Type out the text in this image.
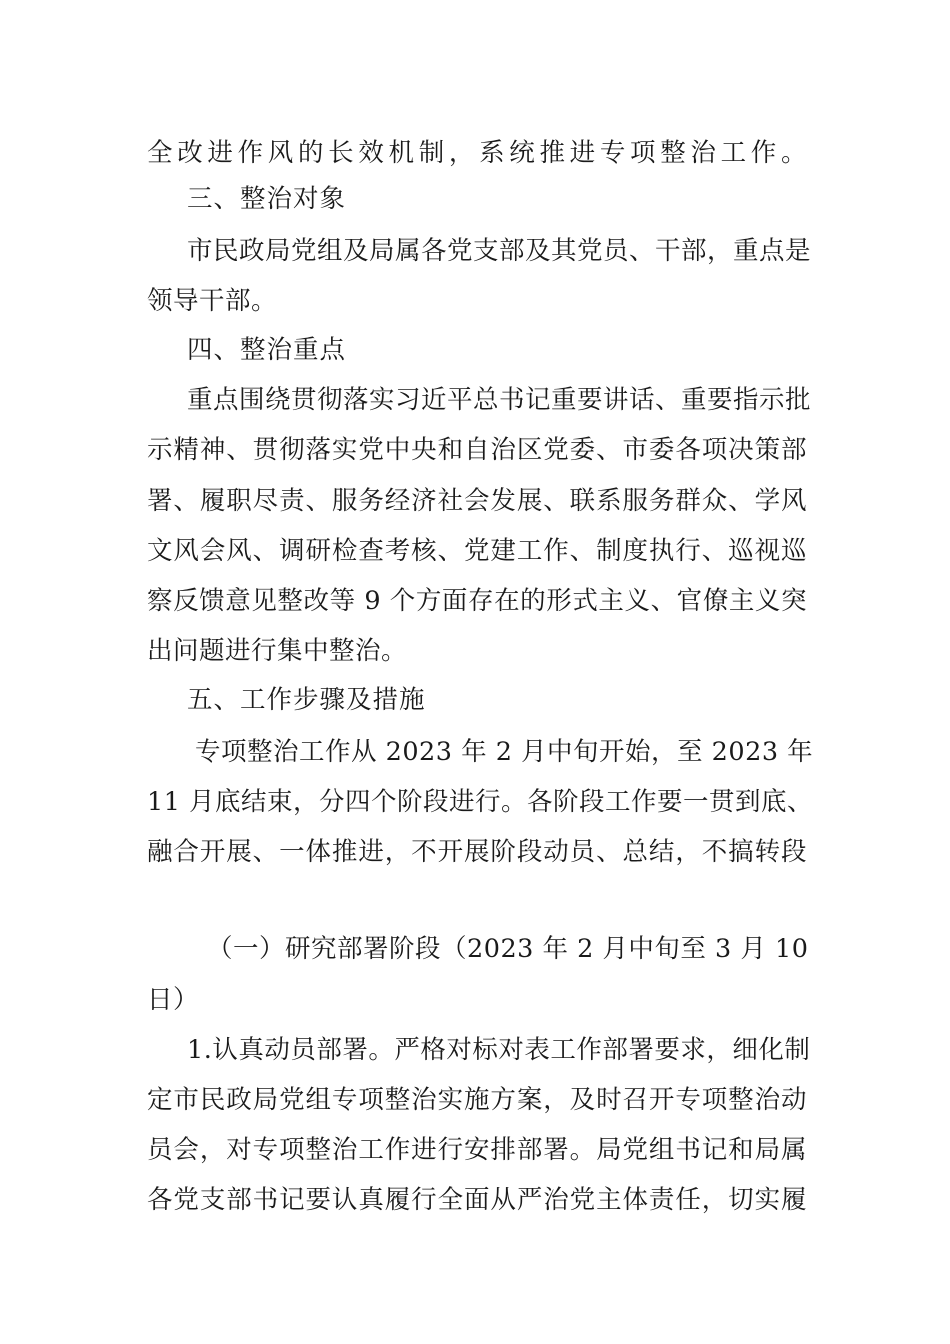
全改进作风的长效机制，系统推进专项整治工作。
三、整治对象
市民政局党组及局属各党支部及其党员、干部，重点是
领导干部。
四、整治重点
重点围绕贯彻落实习近平总书记重要讲话、重要指示批
示精神、贯彻落实党中央和自治区党委、市委各项决策部
署、履职尽责、服务经济社会发展、联系服务群众、学风
文风会风、调研检查考核、党建工作、制度执行、巡视巡
察反馈意见整改等 9 个方面存在的形式主义、官僚主义突
出问题进行集中整治。
五、工作步骤及措施
专项整治工作从 2023 年 2 月中旬开始，至 2023 年
11 月底结束，分四个阶段进行。各阶段工作要一贯到底、
融合开展、一体推进，不开展阶段动员、总结，不搞转段
（一）研究部署阶段（2023 年 2 月中旬至 3 月 10
日）
1.认真动员部署。严格对标对表工作部署要求，细化制
定市民政局党组专项整治实施方案，及时召开专项整治动
员会，对专项整治工作进行安排部署。局党组书记和局属
各党支部书记要认真履行全面从严治党主体责任，切实履
